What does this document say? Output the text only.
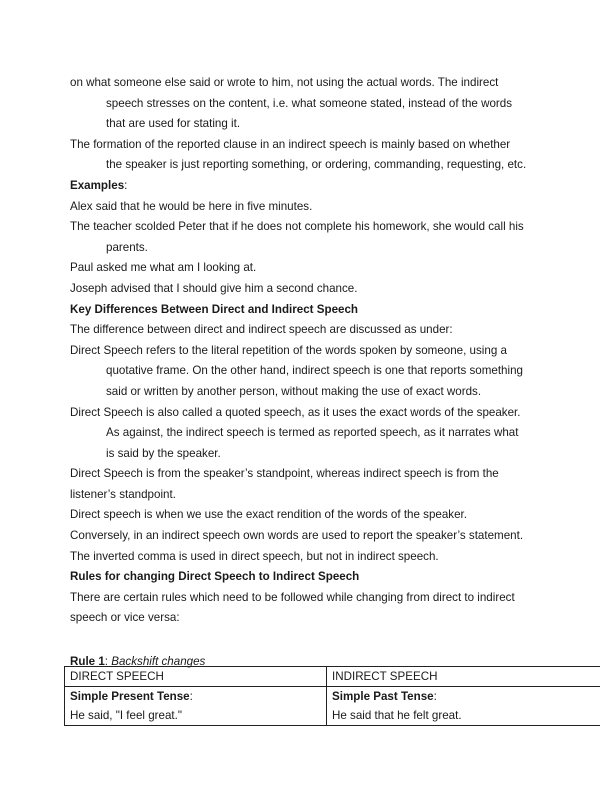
on what someone else said or wrote to him, not using the actual words. The indirect
speech stresses on the content, i.e. what someone stated, instead of the words
that are used for stating it.
The formation of the reported clause in an indirect speech is mainly based on whether
the speaker is just reporting something, or ordering, commanding, requesting, etc.
Examples:
Alex said that he would be here in five minutes.
The teacher scolded Peter that if he does not complete his homework, she would call his
parents.
Paul asked me what am I looking at.
Joseph advised that I should give him a second chance.
Key Differences Between Direct and Indirect Speech
The difference between direct and indirect speech are discussed as under:
Direct Speech refers to the literal repetition of the words spoken by someone, using a
quotative frame. On the other hand, indirect speech is one that reports something
said or written by another person, without making the use of exact words.
Direct Speech is also called a quoted speech, as it uses the exact words of the speaker.
As against, the indirect speech is termed as reported speech, as it narrates what
is said by the speaker.
Direct Speech is from the speaker’s standpoint, whereas indirect speech is from the
listener’s standpoint.
Direct speech is when we use the exact rendition of the words of the speaker.
Conversely, in an indirect speech own words are used to report the speaker’s statement.
The inverted comma is used in direct speech, but not in indirect speech.
Rules for changing Direct Speech to Indirect Speech
There are certain rules which need to be followed while changing from direct to indirect
speech or vice versa:
Rule 1: Backshift changes
DIRECT SPEECH	INDIRECT SPEECH
Simple Present Tense:	Simple Past Tense:
He said, "I feel great."	He said that he felt great.
